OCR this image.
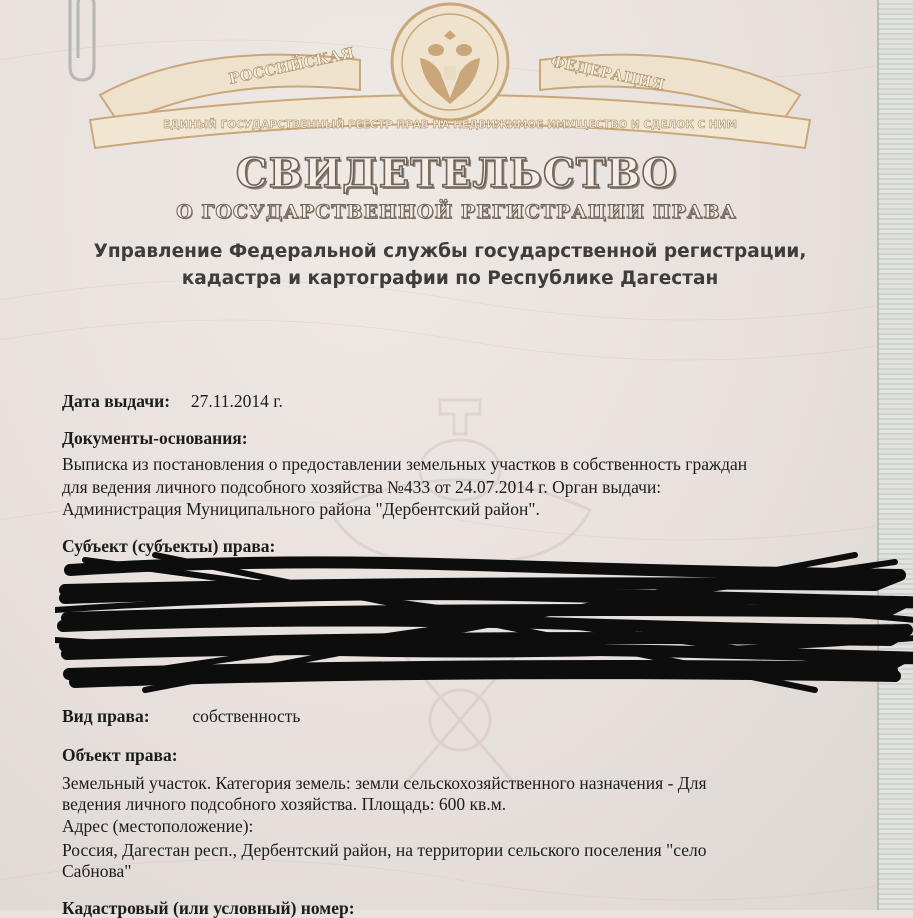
РОССИЙСКАЯ	ФЕДЕРАЦИЯ
ЕДИНЫЙ ГОСУДАРСТВЕННЫЙ РЕЕСТР ПРАВ НА НЕДВИЖИМОЕ ИМУЩЕСТВО И СДЕЛОК С НИМ
СВИДЕТЕЛЬСТВО
О ГОСУДАРСТВЕННОЙ РЕГИСТРАЦИИ ПРАВА
Управление Федеральной службы государственной регистрации,
кадастра и картографии по Республике Дагестан
Дата выдачи: 27.11.2014 г.
Документы-основания:
Выписка из постановления о предоставлении земельных участков в собственность граждан
для ведения личного подсобного хозяйства №433 от 24.07.2014 г. Орган выдачи:
Администрация Муниципального района "Дербентский район".
Субъект (субъекты) права:
Вид права: собственность
Объект права:
Земельный участок. Категория земель: земли сельскохозяйственного назначения - Для
ведения личного подсобного хозяйства. Площадь: 600 кв.м.
Адрес (местоположение):
Россия, Дагестан респ., Дербентский район, на территории сельского поселения "село
Сабнова"
Кадастровый (или условный) номер:
